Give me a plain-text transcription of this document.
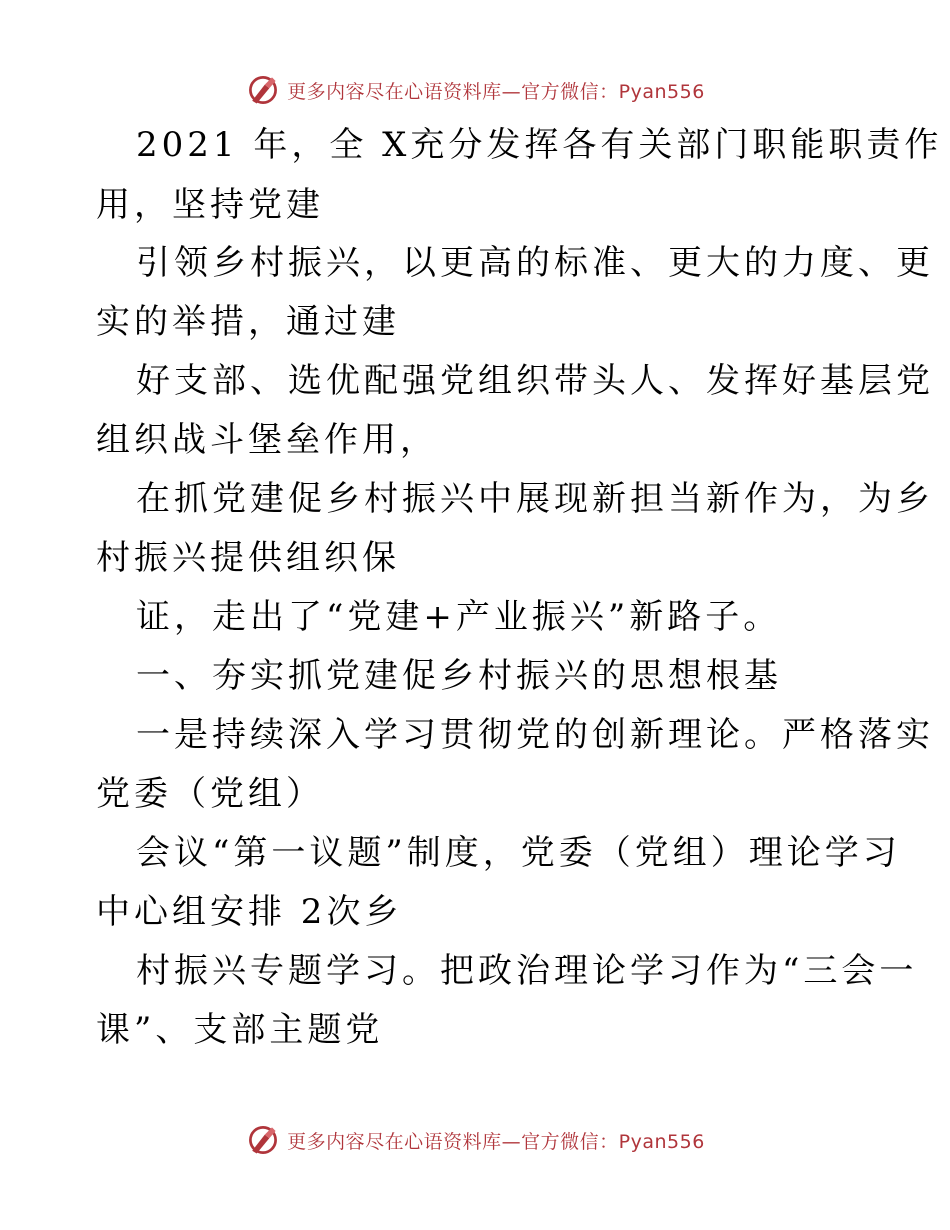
更多内容尽在心语资料库—官方微信：Pyan556
2021 年，全 X充分发挥各有关部门职能职责作
用，坚持党建
引领乡村振兴，以更高的标准、更大的力度、更
实的举措，通过建
好支部、选优配强党组织带头人、发挥好基层党
组织战斗堡垒作用，
在抓党建促乡村振兴中展现新担当新作为，为乡
村振兴提供组织保
证，走出了“党建+产业振兴”新路子。
一、夯实抓党建促乡村振兴的思想根基
一是持续深入学习贯彻党的创新理论。严格落实
党委（党组）
会议“第一议题”制度，党委（党组）理论学习
中心组安排 2次乡
村振兴专题学习。把政治理论学习作为“三会一
课”、支部主题党
更多内容尽在心语资料库—官方微信：Pyan556
